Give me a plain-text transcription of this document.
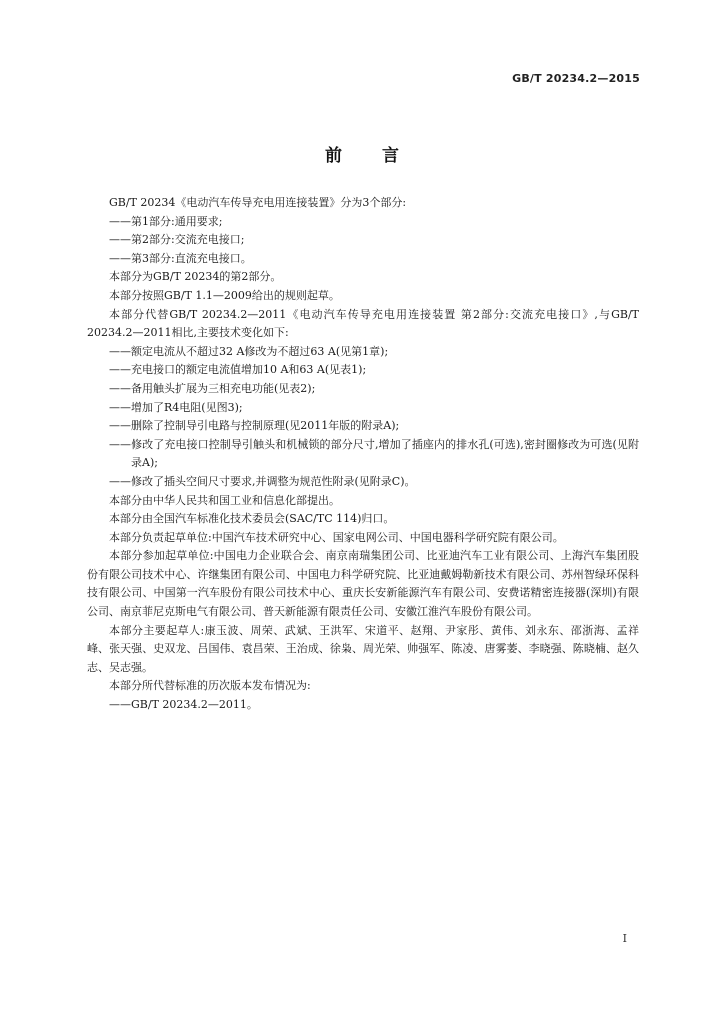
GB/T 20234.2—2015
前言

GB/T 20234《电动汽车传导充电用连接装置》分为3个部分:

——第1部分:通用要求;

——第2部分:交流充电接口;

——第3部分:直流充电接口。

本部分为GB/T 20234的第2部分。

本部分按照GB/T 1.1—2009给出的规则起草。

本部分代替GB/T 20234.2—2011《电动汽车传导充电用连接装置 第2部分:交流充电接口》,与GB/T 20234.2—2011相比,主要技术变化如下:

——额定电流从不超过32 A修改为不超过63 A(见第1章);

——充电接口的额定电流值增加10 A和63 A(见表1);

——备用触头扩展为三相充电功能(见表2);

——增加了R4电阻(见图3);

——删除了控制导引电路与控制原理(见2011年版的附录A);

——修改了充电接口控制导引触头和机械锁的部分尺寸,增加了插座内的排水孔(可选),密封圈修改为可选(见附录A);

——修改了插头空间尺寸要求,并调整为规范性附录(见附录C)。

本部分由中华人民共和国工业和信息化部提出。

本部分由全国汽车标准化技术委员会(SAC/TC 114)归口。

本部分负责起草单位:中国汽车技术研究中心、国家电网公司、中国电器科学研究院有限公司。

本部分参加起草单位:中国电力企业联合会、南京南瑞集团公司、比亚迪汽车工业有限公司、上海汽车集团股份有限公司技术中心、许继集团有限公司、中国电力科学研究院、比亚迪戴姆勒新技术有限公司、苏州智绿环保科技有限公司、中国第一汽车股份有限公司技术中心、重庆长安新能源汽车有限公司、安费诺精密连接器(深圳)有限公司、南京菲尼克斯电气有限公司、普天新能源有限责任公司、安徽江淮汽车股份有限公司。

本部分主要起草人:康玉波、周荣、武斌、王洪军、宋道平、赵翔、尹家彤、黄伟、刘永东、邵浙海、孟祥峰、张天强、史双龙、吕国伟、袁昌荣、王治成、徐枭、周光荣、帅强军、陈凌、唐雾萎、李晓强、陈晓楠、赵久志、吴志强。

本部分所代替标准的历次版本发布情况为:

——GB/T 20234.2—2011。

I
